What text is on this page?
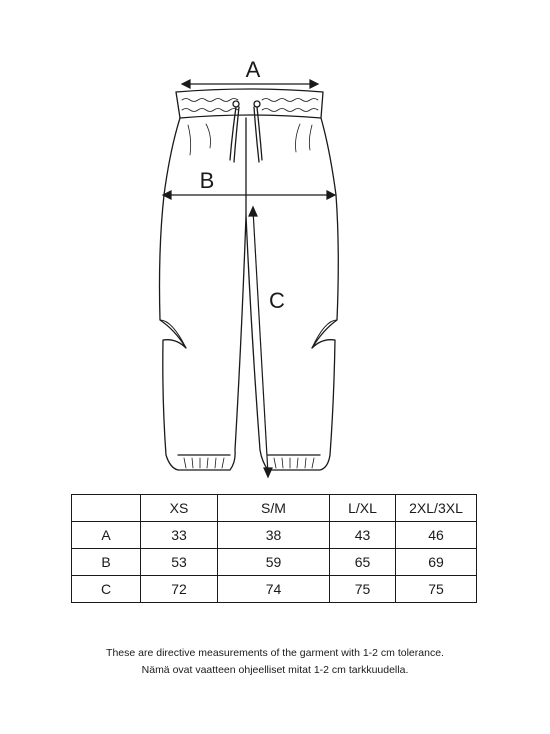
A
B
C
	XS	S/M	L/XL	2XL/3XL
A	33	38	43	46
B	53	59	65	69
C	72	74	75	75
These are directive measurements of the garment with 1-2 cm tolerance.
Nämä ovat vaatteen ohjeelliset mitat 1-2 cm tarkkuudella.
